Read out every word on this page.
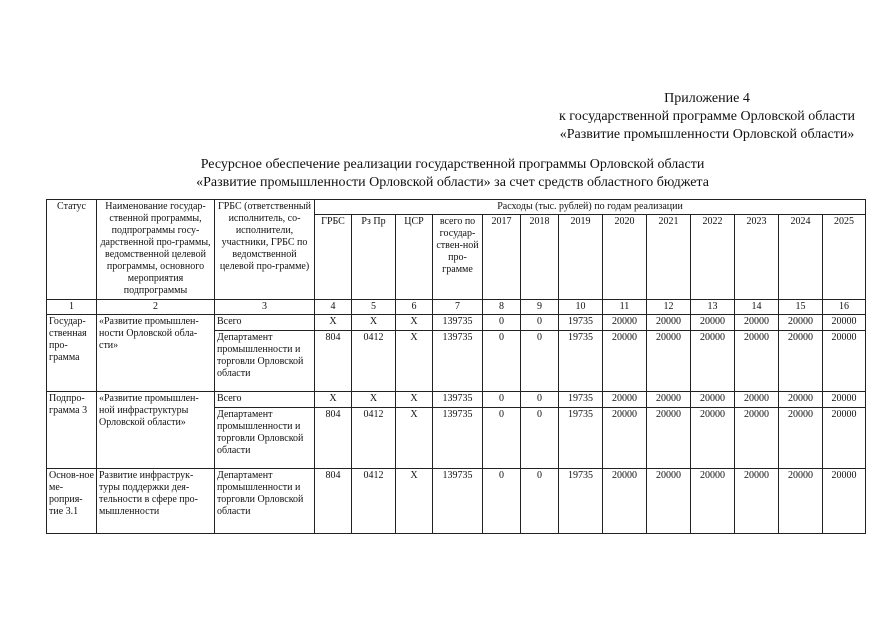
Приложение 4
к государственной программе Орловской области
«Развитие промышленности Орловской области»
Ресурсное обеспечение реализации государственной программы Орловской области
«Развитие промышленности Орловской области» за счет средств областного бюджета
Статус	Наименование государ-ственной программы, подпрограммы госу-дарственной про-граммы, ведомственной целевой программы, основного мероприятия подпрограммы	ГРБС (ответственный исполнитель, со-исполнители, участники, ГРБС по ведомственной целевой про-грамме)	Расходы (тыс. рублей) по годам реализации												
			ГРБС	Рз Пр	ЦСР	всего по государ-ствен-ной про-грамме	2017	2018	2019	2020	2021	2022	2023	2024	2025
1	2	3	4	5	6	7	8	9	10	11	12	13	14	15	16
Государ-ственная про-грамма	«Развитие промышлен-ности Орловской обла-сти»	Всего	X	X	X	139735	0	0	19735	20000	20000	20000	20000	20000	20000
		Департамент промышленности и торговли Орловской области	804	0412	X	139735	0	0	19735	20000	20000	20000	20000	20000	20000
Подпро-грамма 3	«Развитие промышлен-ной инфраструктуры Орловской области»	Всего	X	X	X	139735	0	0	19735	20000	20000	20000	20000	20000	20000
		Департамент промышленности и торговли Орловской области	804	0412	X	139735	0	0	19735	20000	20000	20000	20000	20000	20000
Основ-ное ме-роприя-тие 3.1	Развитие инфраструк-туры поддержки дея-тельности в сфере про-мышленности	Департамент промышленности и торговли Орловской области	804	0412	X	139735	0	0	19735	20000	20000	20000	20000	20000	20000
